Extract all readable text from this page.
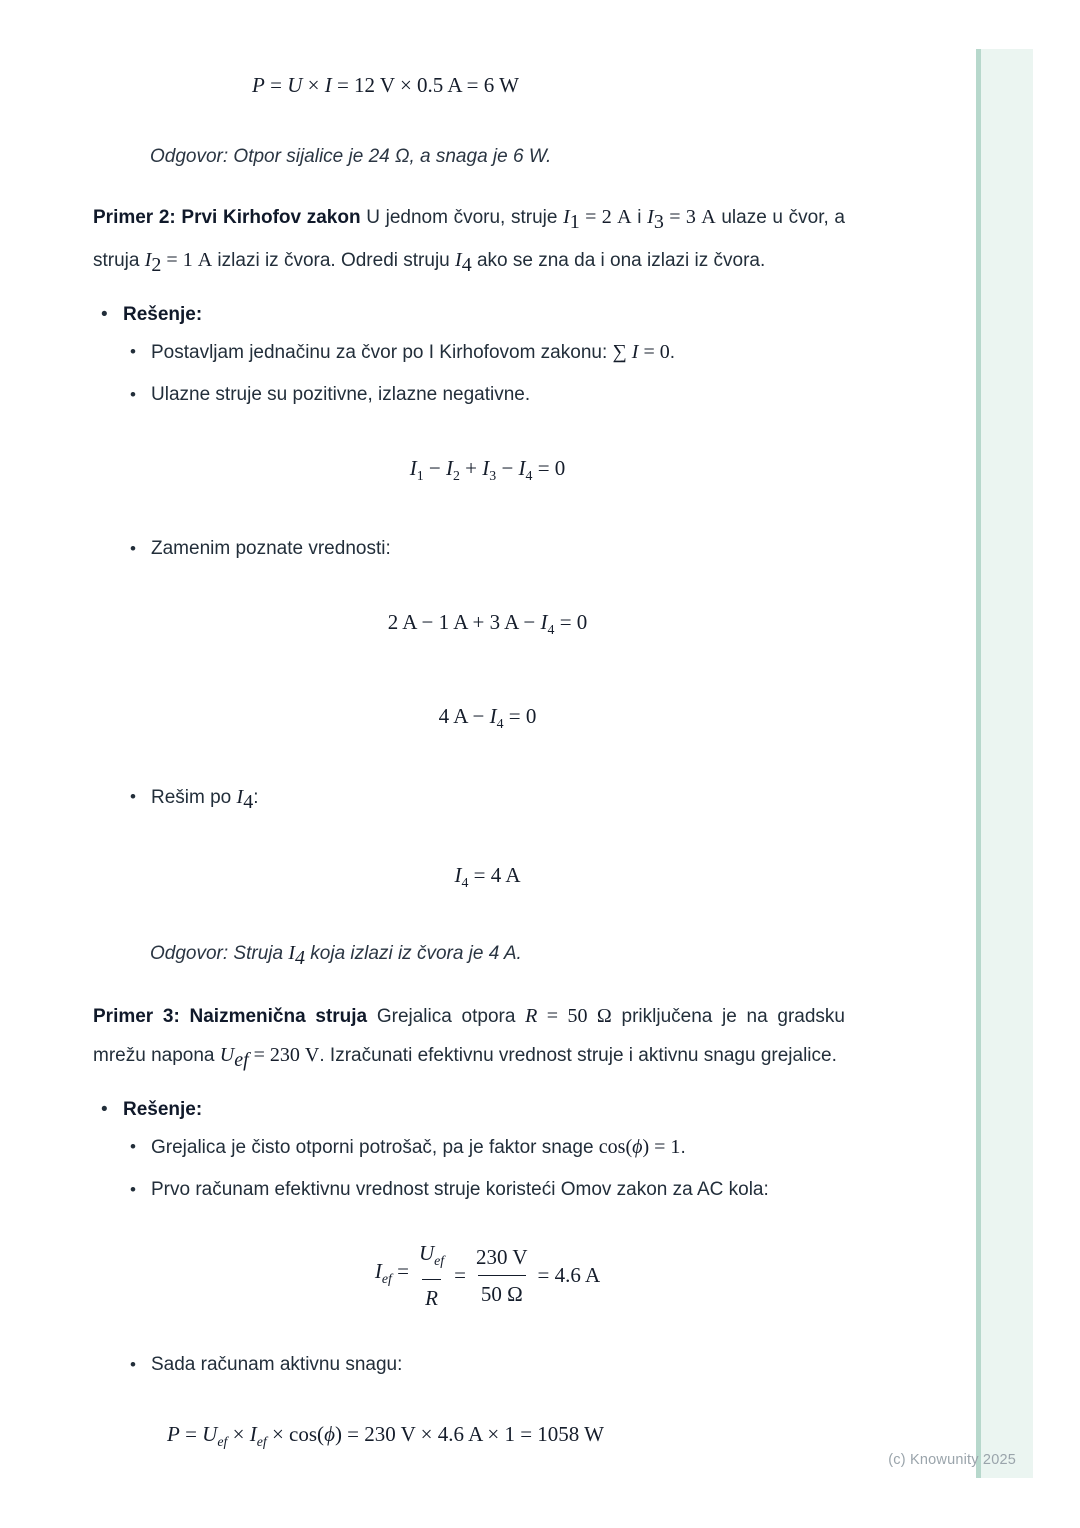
(c) Knowunity 2025
P = U × I = 12 V × 0.5 A = 6 W
Odgovor: Otpor sijalice je 24 Ω, a snaga je 6 W.

Primer 2: Prvi Kirhofov zakon U jednom čvoru, struje $I_1 = 2$ A i $I_3 = 3$ A ulaze u čvor, a struja $I_2 = 1$ A izlazi iz čvora. Odredi struju $I_4$ ako se zna da i ona izlazi iz čvora.

• Rešenje:
• Postavljam jednačinu za čvor po I Kirhofovom zakonu: ∑ I = 0.
• Ulazne struje su pozitivne, izlazne negativne.
$I_1 - I_2 + I_3 - I_4 = 0$
• Zamenim poznate vrednosti:
2 A − 1 A + 3 $A - I_4 = 0$
4 $A - I_4 = 0$
• Rešim po $I_4$:
$I_4 = 4$ A
Odgovor: Struja $I_4$ koja izlazi iz čvora je 4 A.

Primer 3: Naizmenična struja Grejalica otpora R = 50 Ω priključena je na gradsku mrežu napona $U_{ef} = 230$ V. Izračunati efektivnu vrednost struje i aktivnu snagu grejalice.

• Rešenje:
• Grejalica je čisto otporni potrošač, pa je faktor snage cos(ϕ) = 1.
• Prvo računam efektivnu vrednost struje koristeći Omov zakon za AC kola:
$I_{ef} = \frac{U_{ef}}{R} = \frac{230 V}{50 \Omega} = 4.6$ A
• Sada računam aktivnu snagu:
$P = U_{ef} \times I_{ef} \times \cos(\phi) = 230$ V × 4.6 A × 1 = 1058 W
